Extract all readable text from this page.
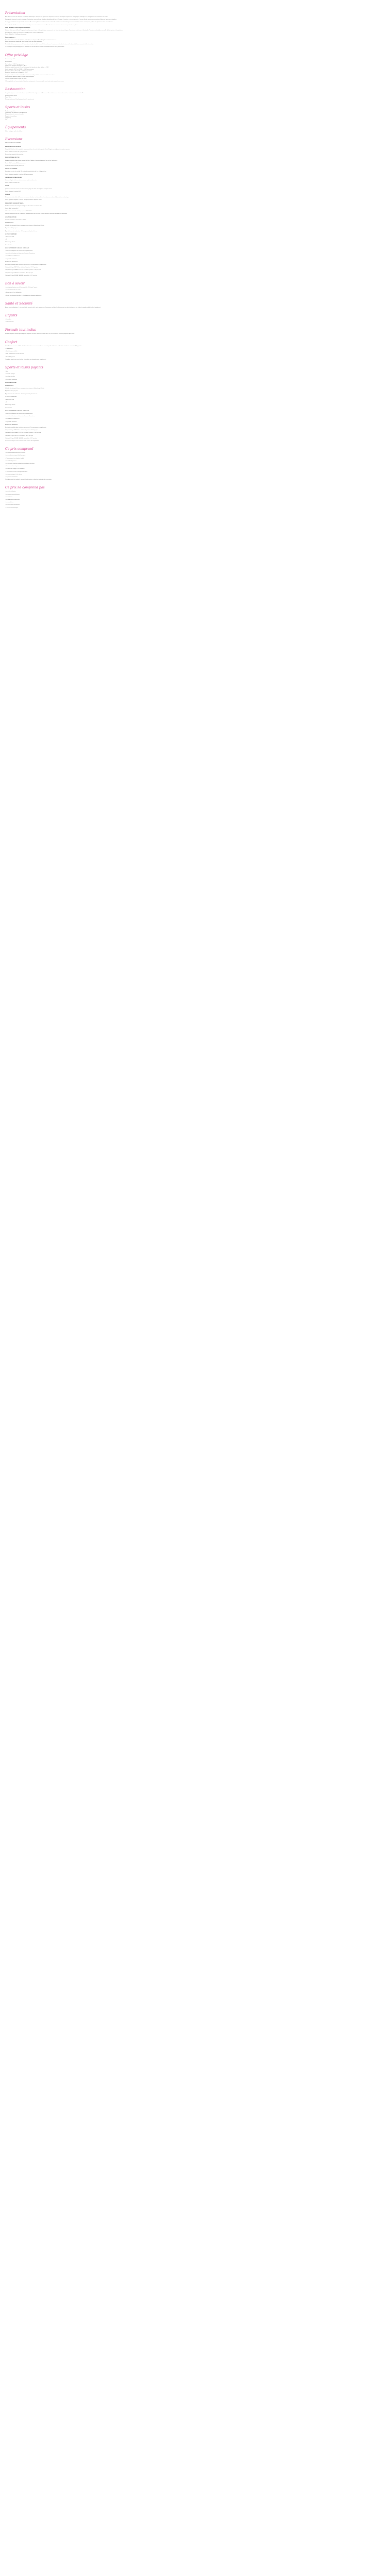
Présentation

À 1115 km à l'ouest de Lisbonne, au cœur de l'Atlantique, l'archipel des Açores est composé de neuf îles volcaniques réparties en trois groupes. São Miguel, la plus grande, est surnommée l'île verte.

Paysages de lagunes de cratère, champs d'hortensias, sources d'eaux chaudes, plantations de thé et d'ananas : la nature y est omniprésente. L'océan offre de nombreuses occasions d'observer baleines et dauphins.

Ce voyage en liberté vous permet de découvrir l'île à votre rythme, au volant de votre voiture de location, avec des hébergements confortables et des conseils pour profiter des plus beaux sites de randonnée.

Un road-book détaillé vous est remis avant le départ avec des itinéraires conseillés et les bonnes adresses de nos correspondants sur place.

Hôtel Talisman, Ponta Delgada ou similaire

Situé en plein cœur de Ponta Delgada, à quelques pas du port et des principaux monuments, cet hôtel de charme dispose d'une piscine extérieure et d'un jardin. Chambres confortables avec salle de bain privée et climatisation.

Petit-déjeuner et dîner au restaurant Casa Açoriana, cuisine traditionnelle.
Durée : 5 h à 6 h / 3 à 4 jours de marche.

Nous suggérons :

Excursion d'observation des baleines et dauphins au départ de Ponta Delgada, sortie d'environ 3 h.
Entrée aux sources chaudes de Terra Nostra, accès au jardin botanique.

Tarifs indicatifs par personne sur la base d'une chambre double, hors vols internationaux. Les prix varient selon la saison et les disponibilités au moment de la réservation.

Ce circuit peut être prolongé par une extension sur les îles de Pico et Faial. Demandez-nous un devis personnalisé.

Offre privilège

Vos avantages Offre

Réservez-tôt

Tarif de base : 1 035 € par personne
Supplément chambre individuelle : 285 €
Réduction enfant (moins de 12 ans) partageant la chambre de deux adultes : - 195 €
Haute saison du 01/07 au 31/08 : + 120 € par personne
Période de Noël et Nouvel An : + 85 € par personne
Réduction 3e adulte en lit d'appoint : - 75 €
Les prix sont donnés à titre indicatif et sont soumis à disponibilité au moment de la réservation.
Les tarifs sont garantis jusqu'à 90 jours avant le départ.
Taxes de séjour locales à régler sur place.

Offre applicable sur les prestations hôtelières uniquement et non cumulable avec toute autre promotion en cours.

Restauration

Les petits-déjeuners sont inclus chaque jour à l'hôtel. Les déjeuners et dîners sont libres afin de vous laisser découvrir les nombreux restaurants de l'île.

Petits-déjeuners inclus
Repas libres
Dîner au restaurant Casa Açoriana inclus le premier soir
Sports et loisirs
Randonnée pédestre
Observation des baleines et des dauphins
Baignade dans les sources chaudes
Plongée et snorkeling
Canyoning
Golf
Équipements

Salon, boutique, salle de coiffure.

Excursions

DÉCOUVERTE & ÉCHAPPÉES

BALADE À LA DÉCOUVERTE

Départ de l'hôtel en fin de matinée, promenade dans le centre historique de Ponta Delgada, ses églises et ses places pavées.

Durée : 2 h 30 / environ 36 € par personne

Réservation auprès de la réception.

PARC NATIONAL DE L'ÎLE

Randonnée guidée dans le parc naturel de Sete Cidades et ses lacs jumeaux, l'un vert et l'autre bleu.

Durée : 5 h / environ 48 € par personne

Départ de l'hôtel tous les jours à 9 h.

SUD DE LA DOMAINE

Excursion vers la côte sud de l'île, visite d'une plantation de thé et dégustation.

Durée : journée complète / environ 65 € par personne

CATHÉDRALE ROYALE DU ROY

Visite de l'église et de son trésor avec un guide conférencier.

Durée : 1 h 30 / environ 18 €

SOLEIL

Journée au bord de l'océan avec accès à une plage de sable volcanique et transport inclus.

Durée : journée / environ 40 €

FURNAS

Découverte de la vallée de Furnas, ses sources chaudes, ses fumerolles et son fameux cozido cuit dans la terre volcanique.

Durée : journée complète / environ 72 € par personne, déjeuner inclus

RANDONNÉE LAGUNA ET NAIXA

Randonnée autour de la Lagoa do Fogo, lac de cratère au cœur de l'île.

Durée : 4 h / environ 45 €

Informations et tarifs valables jusqu'au 31/10/2019

Vous ne manquerez de rien : transferts aéroport-hôtel aller et retour inclus, voiture de location disponible sur demande.

LOCATION VOITURE

Tarifs et conditions, réservation à l'hôtel.

FORMULE VTO

Véhicule de catégorie A avec assurance tous risques et kilométrage illimité.

À partir de 32 € par jour.

Âge minimum du conducteur : 21 ans, permis de plus d'un an.

LE PRIX COMPREND

- Assurance CDW

- TP

Kilométrage illimité

Taxes locales

AVEC SUPPLÉMENT À RÉGLER SUR PLACE

- Franchise obligatoire en assurance complémentaire

- Les frais de livraison en dehors des horaires d'ouverture

- Le conducteur additionnel

- Le plein de carburant

RENVOI DE VÉHICULE

Restitution possible dans toutes les agences de l'île moyennant un supplément.

Catégorie A type FIAT 500 ou similaire (3 portes) : 32 € par jour

Catégorie B type RENAULT CLIO ou similaire (5 portes) : 38 € par jour

Catégorie C type VW POLO ou similaire : 45 € par jour

Catégorie D type NISSAN QASHQAI ou similaire : 62 € par jour

Bon à savoir

- Le décalage horaire avec la France est de - 2 h toute l'année.

- La monnaie locale est l'euro.

- Aucun vaccin n'est obligatoire.

- Prévoir un vêtement de pluie, le climat pouvant changer rapidement.

Santé et Sécurité

Aucun vaccin obligatoire. Il est conseillé de se munir de la carte européenne d'assurance maladie. Les Açores sont une destination sûre, les règles de prudence habituelles s'appliquent.

Enfants

- Lits bébés

- Chaises hautes

Formule tout inclus

Pension complète incluant petit-déjeuner, déjeuner et dîner, boissons à table (eau, vin, jus de fruits) et activités proposées par l'hôtel.

Confort

Hôtel 4 étoiles au cœur de l'île, chambres climatisées avec vue sur la mer ou sur le jardin, télévision, coffre-fort, mini-bar et connexion Wifi gratuite.

- Climatisation

- Télévision par satellite

- Salle de bains avec sèche-cheveux

- Accès Wifi gratuit

Chambres supérieures avec balcon disponibles sur demande avec supplément.

Sports et loisirs payants

- Spa

- Cours de plongée

- Location de vélos

- Excursions en bateau

LOCATION VOITURE

FORMULE VTO

Véhicule de catégorie A avec assurance tous risques et kilométrage illimité.

À partir de 32 € par jour.

Âge minimum du conducteur : 21 ans, permis de plus d'un an.

LE PRIX COMPREND

- Assurance CDW

- TP

Kilométrage illimité

Taxes locales

AVEC SUPPLÉMENT À RÉGLER SUR PLACE

- Franchise obligatoire en assurance complémentaire

- Les frais de livraison en dehors des horaires d'ouverture

- Le conducteur additionnel

- Le plein de carburant

RENVOI DE VÉHICULE

Restitution possible dans toutes les agences de l'île moyennant un supplément.

Catégorie A type FIAT 500 ou similaire (3 portes) : 32 € par jour

Catégorie B type RENAULT CLIO ou similaire (5 portes) : 38 € par jour

Catégorie C type VW POLO ou similaire : 45 € par jour

Catégorie D type NISSAN QASHQAI ou similaire : 62 € par jour

Tarifs communiqués à titre indicatif, sous réserve de disponibilité.

Ce prix comprend

- Les vols internationaux aller et retour

- Les transferts aéroport-hôtel-aéroport

- L'hébergement en chambre double

- Les petits-déjeuners

- La voiture de location pendant toute la durée du séjour

- L'assurance tous risques

- Le carnet de voyage et le road-book

- L'assistance de notre correspondant local

- Les taxes aéroport et de séjour

- La garantie annulation

Tarifs donnés à titre indicatif, susceptibles d'évoluer en fonction de la date de réservation.

Ce prix ne comprend pas

- Les frais de dossier

- Les repas non mentionnés

- Les boissons

- Les dépenses personnelles

- Les pourboires

- Les excursions facultatives

- L'assurance multirisque
